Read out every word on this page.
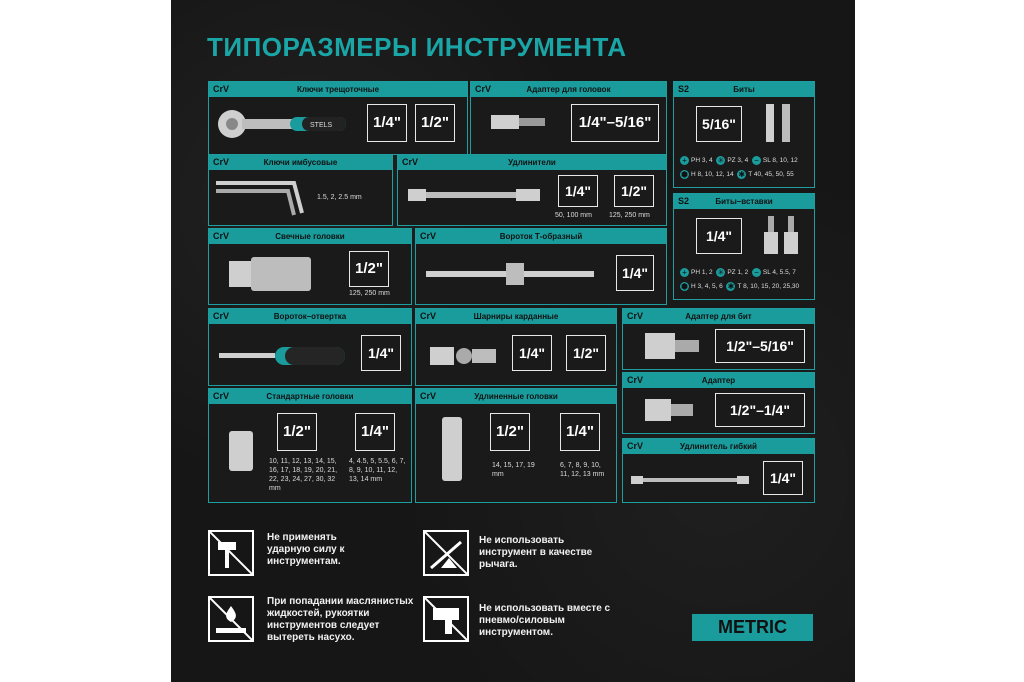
ТИПОРАЗМЕРЫ ИНСТРУМЕНТА
CrV	Ключи трещоточные
STELS	1/4"	1/2"
CrV	Адаптер для головок
1/4"–5/16"
S2	Биты
5/16"
+ PH 3, 4 ✳ PZ 3, 4 − SL 8, 10, 12
⬢ H 8, 10, 12, 14 ✱ T 40, 45, 50, 55
CrV	Ключи имбусовые
1.5, 2, 2.5 mm
CrV	Удлинители
1/4"	1/2"
50, 100 mm 125, 250 mm
S2	Биты–вставки
1/4"
+ PH 1, 2 ✳ PZ 1, 2 − SL 4, 5.5, 7
⬢ H 3, 4, 5, 6 ✱ T 8, 10, 15, 20, 25,30
CrV	Свечные головки
1/2"
125, 250 mm
CrV	Вороток Т-образный
1/4"
CrV	Вороток–отвертка
1/4"
CrV	Шарниры карданные
1/4"	1/2"
CrV	Адаптер для бит
1/2"–5/16"
CrV	Адаптер
1/2"–1/4"
CrV	Стандартные головки
1/2"	1/4"
10, 11, 12, 13, 14, 15, 16, 17, 18, 19, 20, 21, 22, 23, 24, 27, 30, 32 mm
4, 4.5, 5, 5.5, 6, 7, 8, 9, 10, 11, 12, 13, 14 mm
CrV	Удлиненные головки
1/2"	1/4"
14, 15, 17, 19 mm
6, 7, 8, 9, 10, 11, 12, 13 mm
CrV	Удлинитель гибкий
1/4"
Не применять ударную силу к инструментам.
Не использовать инструмент в качестве рычага.
При попадании маслянистых жидкостей, рукоятки инструментов следует вытереть насухо.
Не использовать вместе с пневмо/силовым инструментом.	METRIC
